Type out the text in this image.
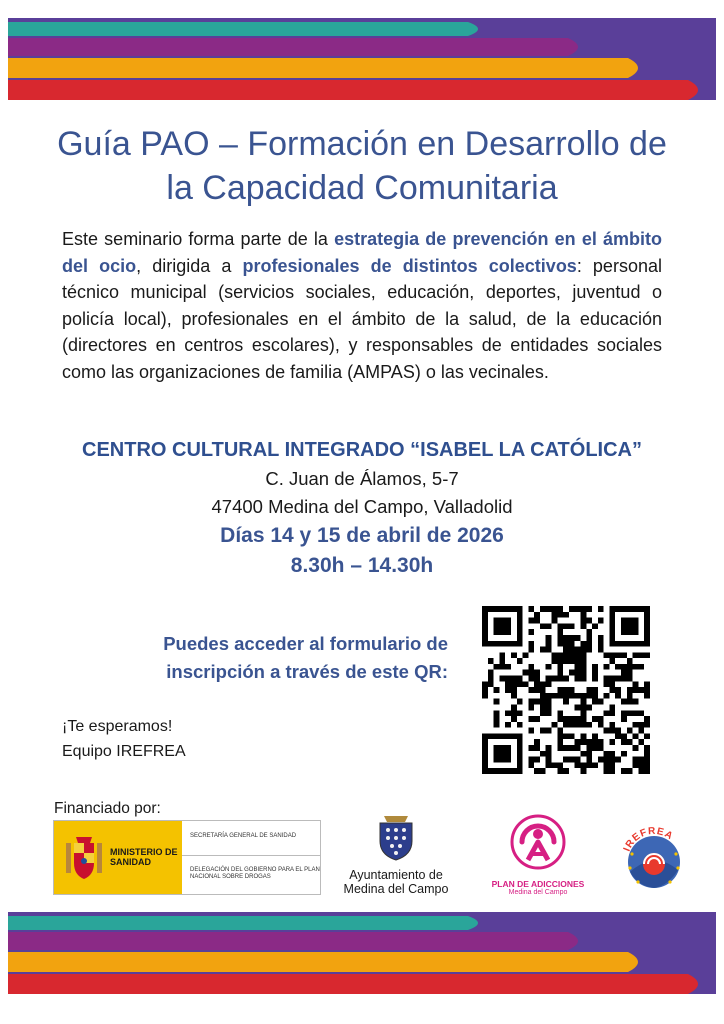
Guía PAO – Formación en Desarrollo de
la Capacidad Comunitaria
Este seminario forma parte de la estrategia de prevención en el ámbito del ocio, dirigida a profesionales de distintos colectivos: personal técnico municipal (servicios sociales, educación, deportes, juventud o policía local), profesionales en el ámbito de la salud, de la educación (directores en centros escolares), y responsables de entidades sociales como las organizaciones de familia (AMPAS) o las vecinales.
CENTRO CULTURAL INTEGRADO “ISABEL LA CATÓLICA”
C. Juan de Álamos, 5-7
47400 Medina del Campo, Valladolid
Días 14 y 15 de abril de 2026
8.30h – 14.30h
Puedes acceder al formulario de
inscripción a través de este QR:
¡Te esperamos!
Equipo IREFREA
Financiado por:
MINISTERIO DE SANIDAD
SECRETARÍA GENERAL DE SANIDAD
DELEGACIÓN DEL GOBIERNO PARA EL PLAN NACIONAL SOBRE DROGAS	Ayuntamiento de
Medina del Campo	PLAN DE ADICCIONES
Medina del Campo
IREFREA
